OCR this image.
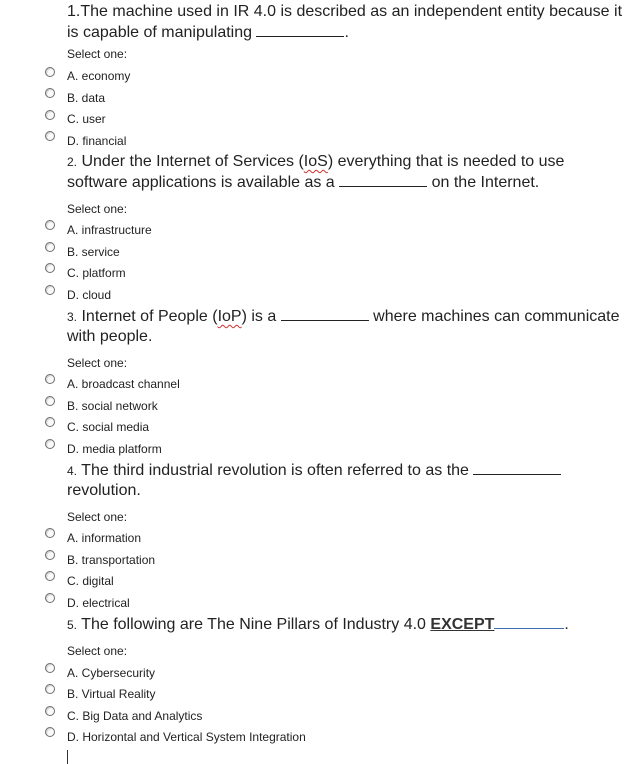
1.The machine used in IR 4.0 is described as an independent entity because it is capable of manipulating	.
Select one:
A. economy
B. data
C. user
D. financial
2. Under the Internet of Services (IoS) everything that is needed to use software applications is available as a	on the Internet.
Select one:
A. infrastructure
B. service
C. platform
D. cloud
3. Internet of People (IoP) is a	where machines can communicate with people.
Select one:
A. broadcast channel
B. social network
C. social media
D. media platform
4. The third industrial revolution is often referred to as the  revolution.
Select one:
A. information
B. transportation
C. digital
D. electrical
5. The following are The Nine Pillars of Industry 4.0 EXCEPT	.
Select one:
A. Cybersecurity
B. Virtual Reality
C. Big Data and Analytics
D. Horizontal and Vertical System Integration
